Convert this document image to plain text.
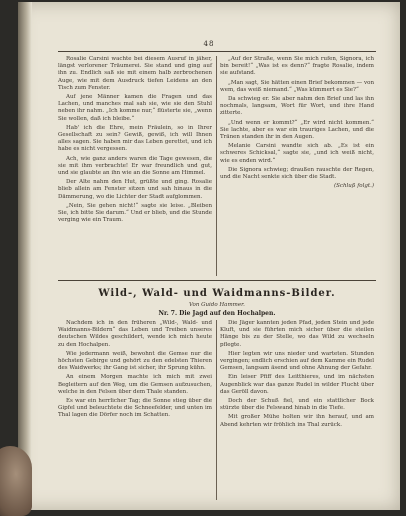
48

Rosalie Carsini wachte bei diesem Ausruf in jäher, längst verlorener Träumerei. Sie stand und ging auf ihn zu. Endlich saß sie mit einem halb zerbrochenen Auge, wie mit dem Ausdruck tiefen Leidens an den Tisch zum Fenster.

Auf jene Männer kamen die Fragen und das Lachen, und manches mal sah sie, wie sie den Stuhl neben ihr nahm. „Ich komme nur,“ flüsterte sie, „wenn Sie wollen, daß ich bleibe.“

Hab' ich die Ehre, mein Fräulein, so in Ihrer Gesellschaft zu sein? Gewiß, gewiß, ich will Ihnen alles sagen. Sie haben mir das Leben gerettet, und ich habe es nicht vergessen.

Ach, wie ganz anders waren die Tage gewesen, die sie mit ihm verbrachte! Er war freundlich und gut, und sie glaubte an ihn wie an die Sonne am Himmel.

Der Alte nahm den Hut, grüßte und ging. Rosalie blieb allein am Fenster sitzen und sah hinaus in die Dämmerung, wo die Lichter der Stadt aufglommen.

„Nein, Sie gehen nicht!“ sagte sie leise. „Bleiben Sie, ich bitte Sie darum.“ Und er blieb, und die Stunde verging wie ein Traum.

„Auf der Straße, wenn Sie mich rufen, Signora, ich bin bereit!“ „Was ist es denn?“ fragte Rosalie, indem sie aufstand.

„Man sagt, Sie hätten einen Brief bekommen — von wem, das weiß niemand.“ „Was kümmert es Sie?“

Da schwieg er. Sie aber nahm den Brief und las ihn nochmals, langsam, Wort für Wort, und ihre Hand zitterte.

„Und wenn er kommt?“ „Er wird nicht kommen.“ Sie lachte, aber es war ein trauriges Lachen, und die Tränen standen ihr in den Augen.

Melanie Carsini wandte sich ab. „Es ist ein schweres Schicksal,“ sagte sie, „und ich weiß nicht, wie es enden wird.“

Die Signora schwieg; draußen rauschte der Regen, und die Nacht senkte sich über die Stadt.

(Schluß folgt.)
Wild-, Wald- und Waidmanns-Bilder.
Von Guido Hammer.
Nr. 7. Die Jagd auf den Hochalpen.

Nachdem ich in den früheren „Wild-, Wald- und Waidmanns-Bildern“ das Leben und Treiben unseres deutschen Wildes geschildert, wende ich mich heute zu den Hochalpen.

Wie jedermann weiß, bewohnt die Gemse nur die höchsten Gebirge und gehört zu den edelsten Thieren des Waidwerks; ihr Gang ist sicher, ihr Sprung kühn.

An einem Morgen machte ich mich mit zwei Begleitern auf den Weg, um die Gemsen aufzusuchen, welche in den Felsen über dem Thale standen.

Es war ein herrlicher Tag; die Sonne stieg über die Gipfel und beleuchtete die Schneefelder, und unten im Thal lagen die Dörfer noch im Schatten.

Die Jäger kannten jeden Pfad, jeden Stein und jede Kluft, und sie führten mich sicher über die steilen Hänge bis zu der Stelle, wo das Wild zu wechseln pflegte.

Hier legten wir uns nieder und warteten. Stunden vergingen; endlich erschien auf dem Kamme ein Rudel Gemsen, langsam äsend und ohne Ahnung der Gefahr.

Ein leiser Pfiff des Leitthieres, und im nächsten Augenblick war das ganze Rudel in wilder Flucht über das Geröll davon.

Doch der Schuß fiel, und ein stattlicher Bock stürzte über die Felswand hinab in die Tiefe.

Mit großer Mühe holten wir ihn herauf, und am Abend kehrten wir fröhlich ins Thal zurück.
